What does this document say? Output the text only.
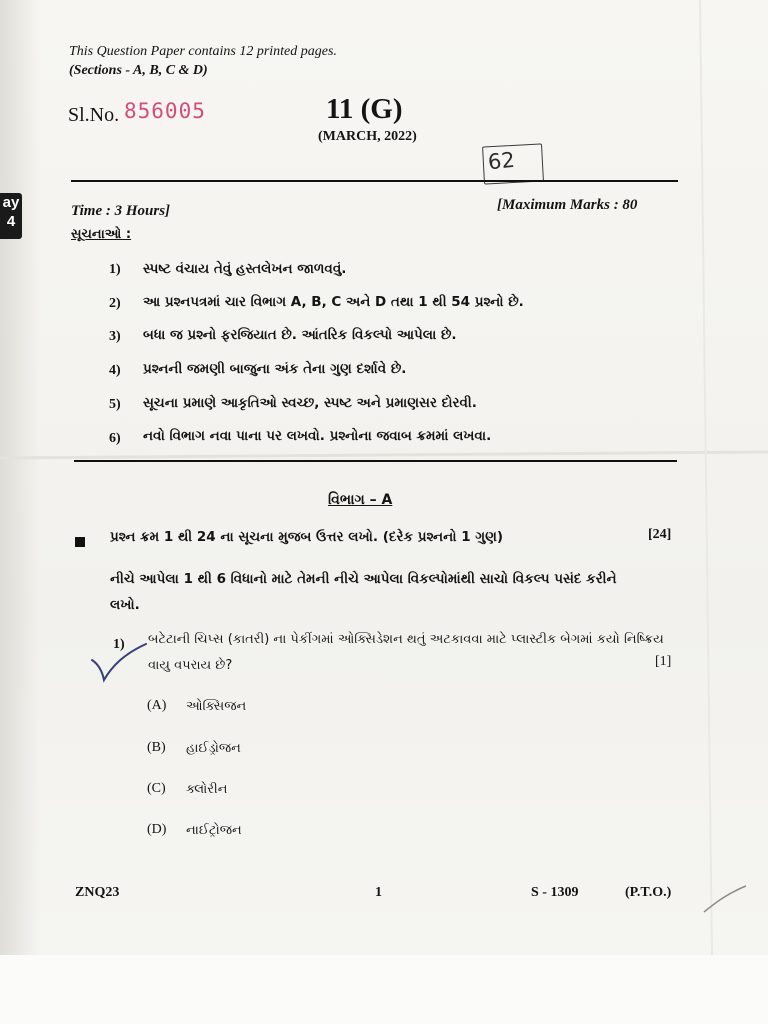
ay
4
This Question Paper contains 12 printed pages.
(Sections - A, B, C & D)
Sl.No. 856005	11 (G)
(MARCH, 2022)
62
Time : 3 Hours]	[Maximum Marks : 80
સૂચનાઓ :
1) સ્પષ્ટ વંચાય તેવું હસ્તલેખન જાળવવું.
2) આ પ્રશ્નપત્રમાં ચાર વિભાગ A, B, C અને D તથા 1 થી 54 પ્રશ્નો છે.
3) બધા જ પ્રશ્નો ફરજિયાત છે. આંતરિક વિકલ્પો આપેલા છે.
4) પ્રશ્નની જમણી બાજુના અંક તેના ગુણ દર્શાવે છે.
5) સૂચના પ્રમાણે આકૃતિઓ સ્વચ્છ, સ્પષ્ટ અને પ્રમાણસર દોરવી.
6) નવો વિભાગ નવા પાના પર લખવો. પ્રશ્નોના જવાબ ક્રમમાં લખવા.
વિભાગ – A
પ્રશ્ન ક્રમ 1 થી 24 ના સૂચના મુજબ ઉત્તર લખો. (દરેક પ્રશ્નનો 1 ગુણ)	[24]
નીચે આપેલા 1 થી 6 વિધાનો માટે તેમની નીચે આપેલા વિકલ્પોમાંથી સાચો વિકલ્પ પસંદ કરીને
લખો.
1) બટેટાની ચિપ્સ (કાતરી) ના પેકીંગમાં ઓક્સિડેશન થતું અટકાવવા માટે પ્લાસ્ટીક બેગમાં કયો નિષ્ક્રિય
વાયુ વપરાય છે?	[1]
(A) ઓક્સિજન
(B) હાઈડ્રોજન
(C) ક્લોરીન
(D) નાઈટ્રોજન
ZNQ23	1	S - 1309	(P.T.O.)
